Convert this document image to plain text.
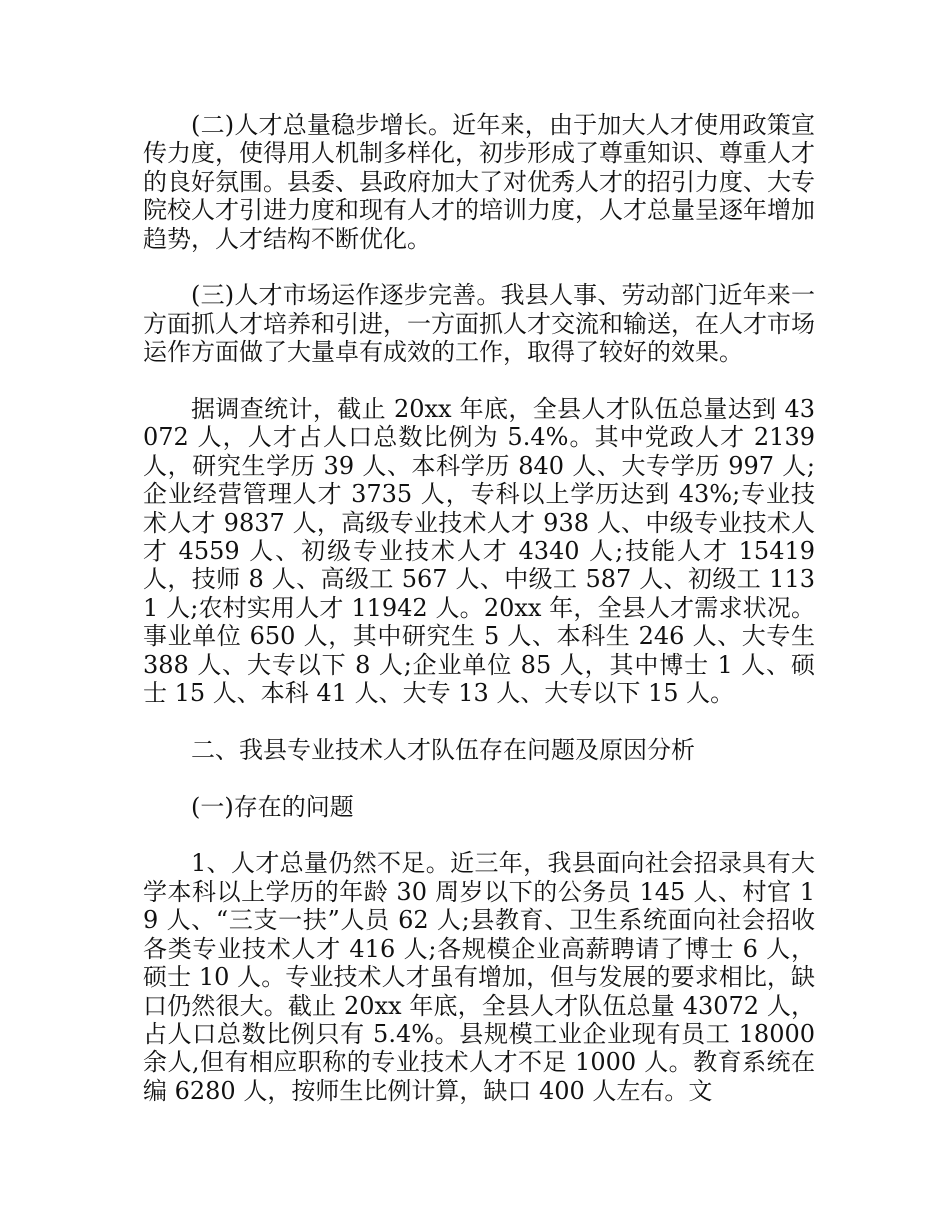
(二)人才总量稳步增长。近年来，由于加大人才使用政策宣传力度，使得用人机制多样化，初步形成了尊重知识、尊重人才的良好氛围。县委、县政府加大了对优秀人才的招引力度、大专院校人才引进力度和现有人才的培训力度，人才总量呈逐年增加趋势，人才结构不断优化。

(三)人才市场运作逐步完善。我县人事、劳动部门近年来一方面抓人才培养和引进，一方面抓人才交流和输送，在人才市场运作方面做了大量卓有成效的工作，取得了较好的效果。

据调查统计，截止 20xx 年底，全县人才队伍总量达到 43072 人，人才占人口总数比例为 5.4%。其中党政人才 2139 人，研究生学历 39 人、本科学历 840 人、大专学历 997 人;企业经营管理人才 3735 人，专科以上学历达到 43%;专业技术人才 9837 人，高级专业技术人才 938 人、中级专业技术人才 4559 人、初级专业技术人才 4340 人;技能人才 15419 人，技师 8 人、高级工 567 人、中级工 587 人、初级工 1131 人;农村实用人才 11942 人。20xx 年，全县人才需求状况。事业单位 650 人，其中研究生 5 人、本科生 246 人、大专生 388 人、大专以下 8 人;企业单位 85 人，其中博士 1 人、硕士 15 人、本科 41 人、大专 13 人、大专以下 15 人。

二、我县专业技术人才队伍存在问题及原因分析

(一)存在的问题

1、人才总量仍然不足。近三年，我县面向社会招录具有大学本科以上学历的年龄 30 周岁以下的公务员 145 人、村官 19 人、“三支一扶”人员 62 人;县教育、卫生系统面向社会招收各类专业技术人才 416 人;各规模企业高薪聘请了博士 6 人，硕士 10 人。专业技术人才虽有增加，但与发展的要求相比，缺口仍然很大。截止 20xx 年底，全县人才队伍总量 43072 人，占人口总数比例只有 5.4%。县规模工业企业现有员工 18000 余人,但有相应职称的专业技术人才不足 1000 人。教育系统在编 6280 人，按师生比例计算，缺口 400 人左右。文
